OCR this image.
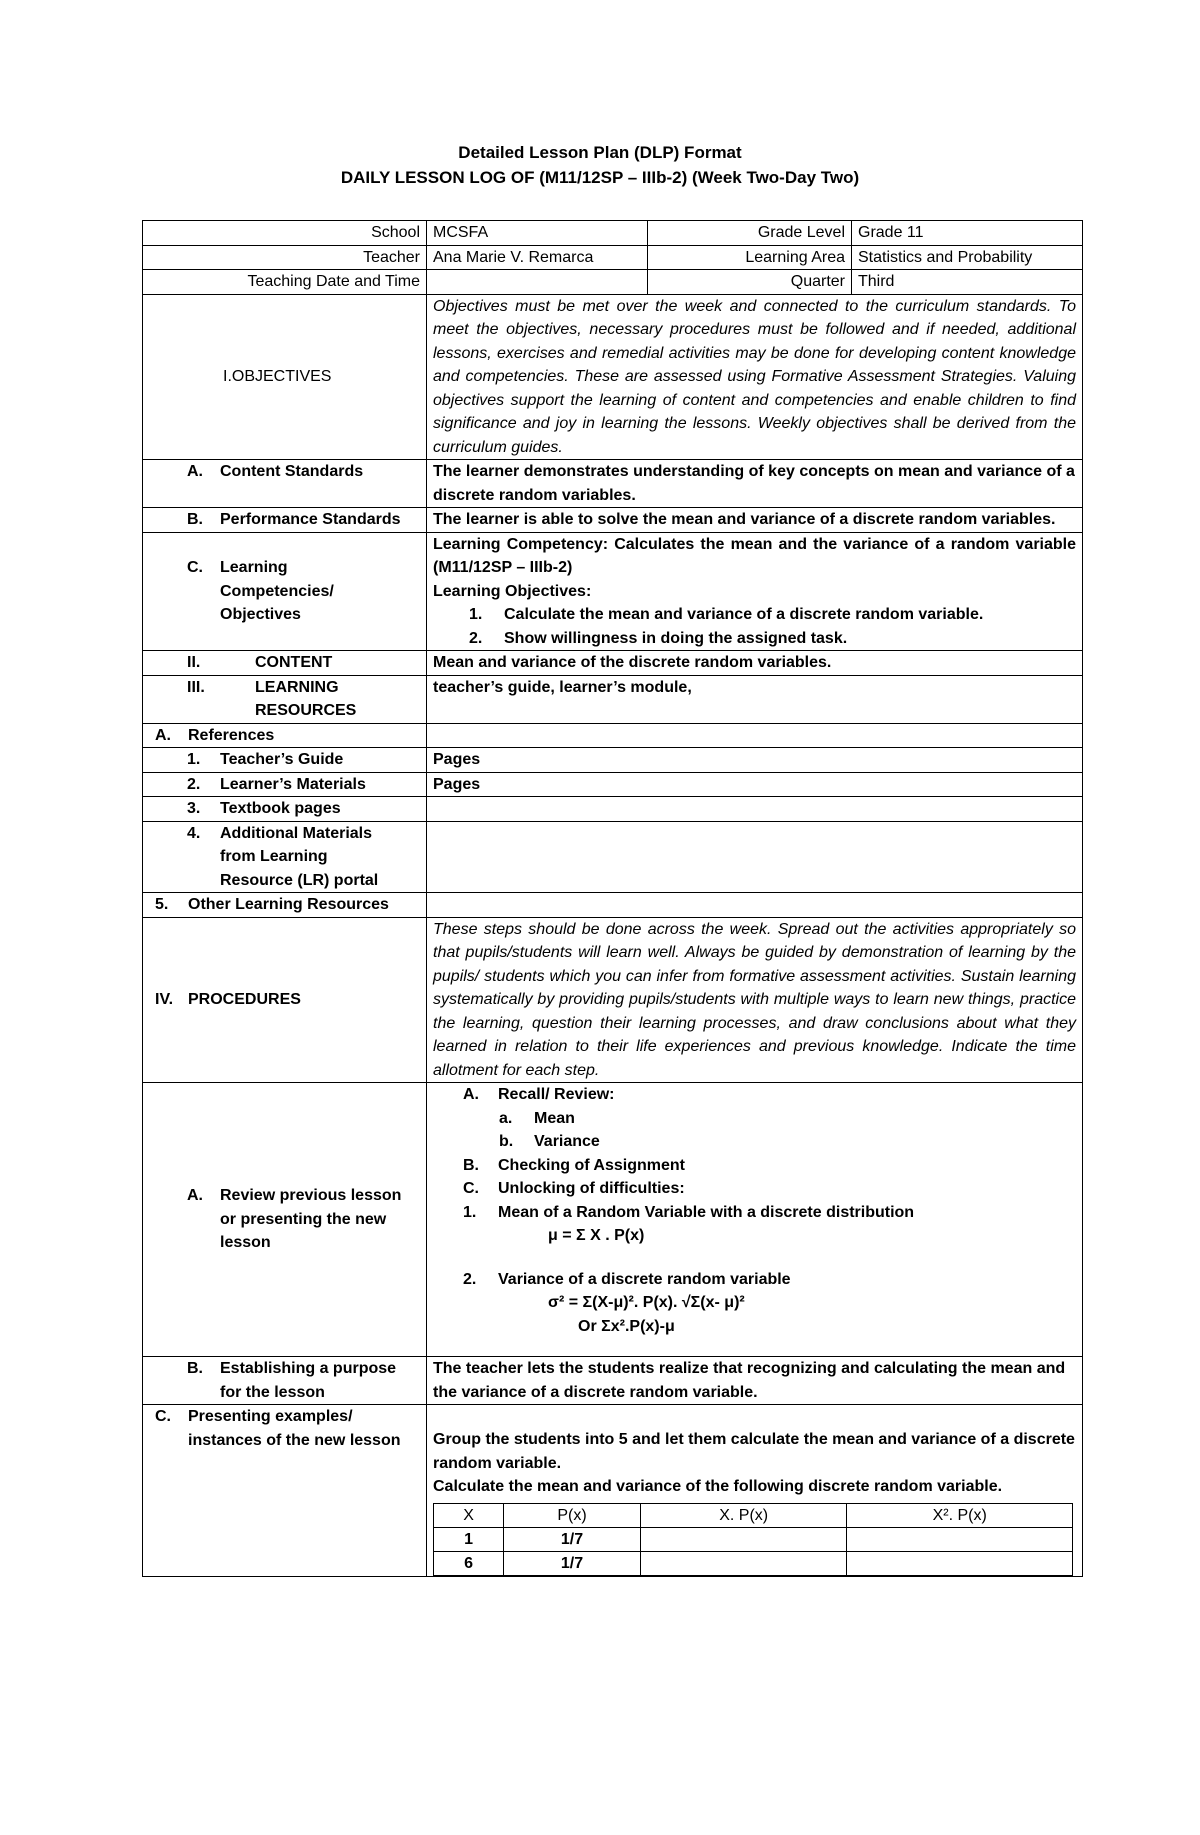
Detailed Lesson Plan (DLP) Format
DAILY LESSON LOG OF (M11/12SP – IIIb-2) (Week Two-Day Two)
School	MCSFA	Grade Level	Grade 11
Teacher	Ana Marie V. Remarca	Learning Area	Statistics and Probability
Teaching Date and Time		Quarter	Third
I.OBJECTIVES	Objectives must be met over the week and connected to the curriculum standards. To meet the objectives, necessary procedures must be followed and if needed, additional lessons, exercises and remedial activities may be done for developing content knowledge and competencies. These are assessed using Formative Assessment Strategies. Valuing objectives support the learning of content and competencies and enable children to find significance and joy in learning the lessons. Weekly objectives shall be derived from the curriculum guides.

A.	Content Standards	The learner demonstrates understanding of key concepts on mean and variance of a discrete random variables.

B.	Performance Standards	The learner is able to solve the mean and variance of a discrete random variables.

C.	Learning Competencies/ Objectives

Learning Competency: Calculates the mean and the variance of a random variable (M11/12SP – IIIb-2)
Learning Objectives:
1.	Calculate the mean and variance of a discrete random variable.
2.	Show willingness in doing the assigned task.

II.	CONTENT	Mean and variance of the discrete random variables.

III.	LEARNING RESOURCES
	teacher’s guide, learner’s module,

A.	References

1.	Teacher’s Guide	Pages

2.	Learner’s Materials	Pages

3.	Textbook pages

4.	Additional Materials from Learning Resource (LR) portal

5.	Other Learning Resources

IV. PROCEDURES
	These steps should be done across the week. Spread out the activities appropriately so that pupils/students will learn well. Always be guided by demonstration of learning by the pupils/ students which you can infer from formative assessment activities. Sustain learning systematically by providing pupils/students with multiple ways to learn new things, practice the learning, question their learning processes, and draw conclusions about what they learned in relation to their life experiences and previous knowledge. Indicate the time allotment for each step.

A.	Review previous lesson or presenting the new lesson

A.	Recall/ Review:
a.	Mean
b.	Variance
B.	Checking of Assignment
C.	Unlocking of difficulties:
1.	Mean of a Random Variable with a discrete distribution
μ = Σ X . P(x)
2.	Variance of a discrete random variable
σ² = Σ(X-μ)². P(x). √Σ(x- μ)²
Or Σx².P(x)-μ

B.	Establishing a purpose for the lesson
	The teacher lets the students realize that recognizing and calculating the mean and the variance of a discrete random variable.

C.	Presenting examples/ instances of the new lesson	Group the students into 5 and let them calculate the mean and variance of a discrete random variable.
Calculate the mean and variance of the following discrete random variable.
X	P(x)	X. P(x)	X². P(x)
1	1/7		
6	1/7		
